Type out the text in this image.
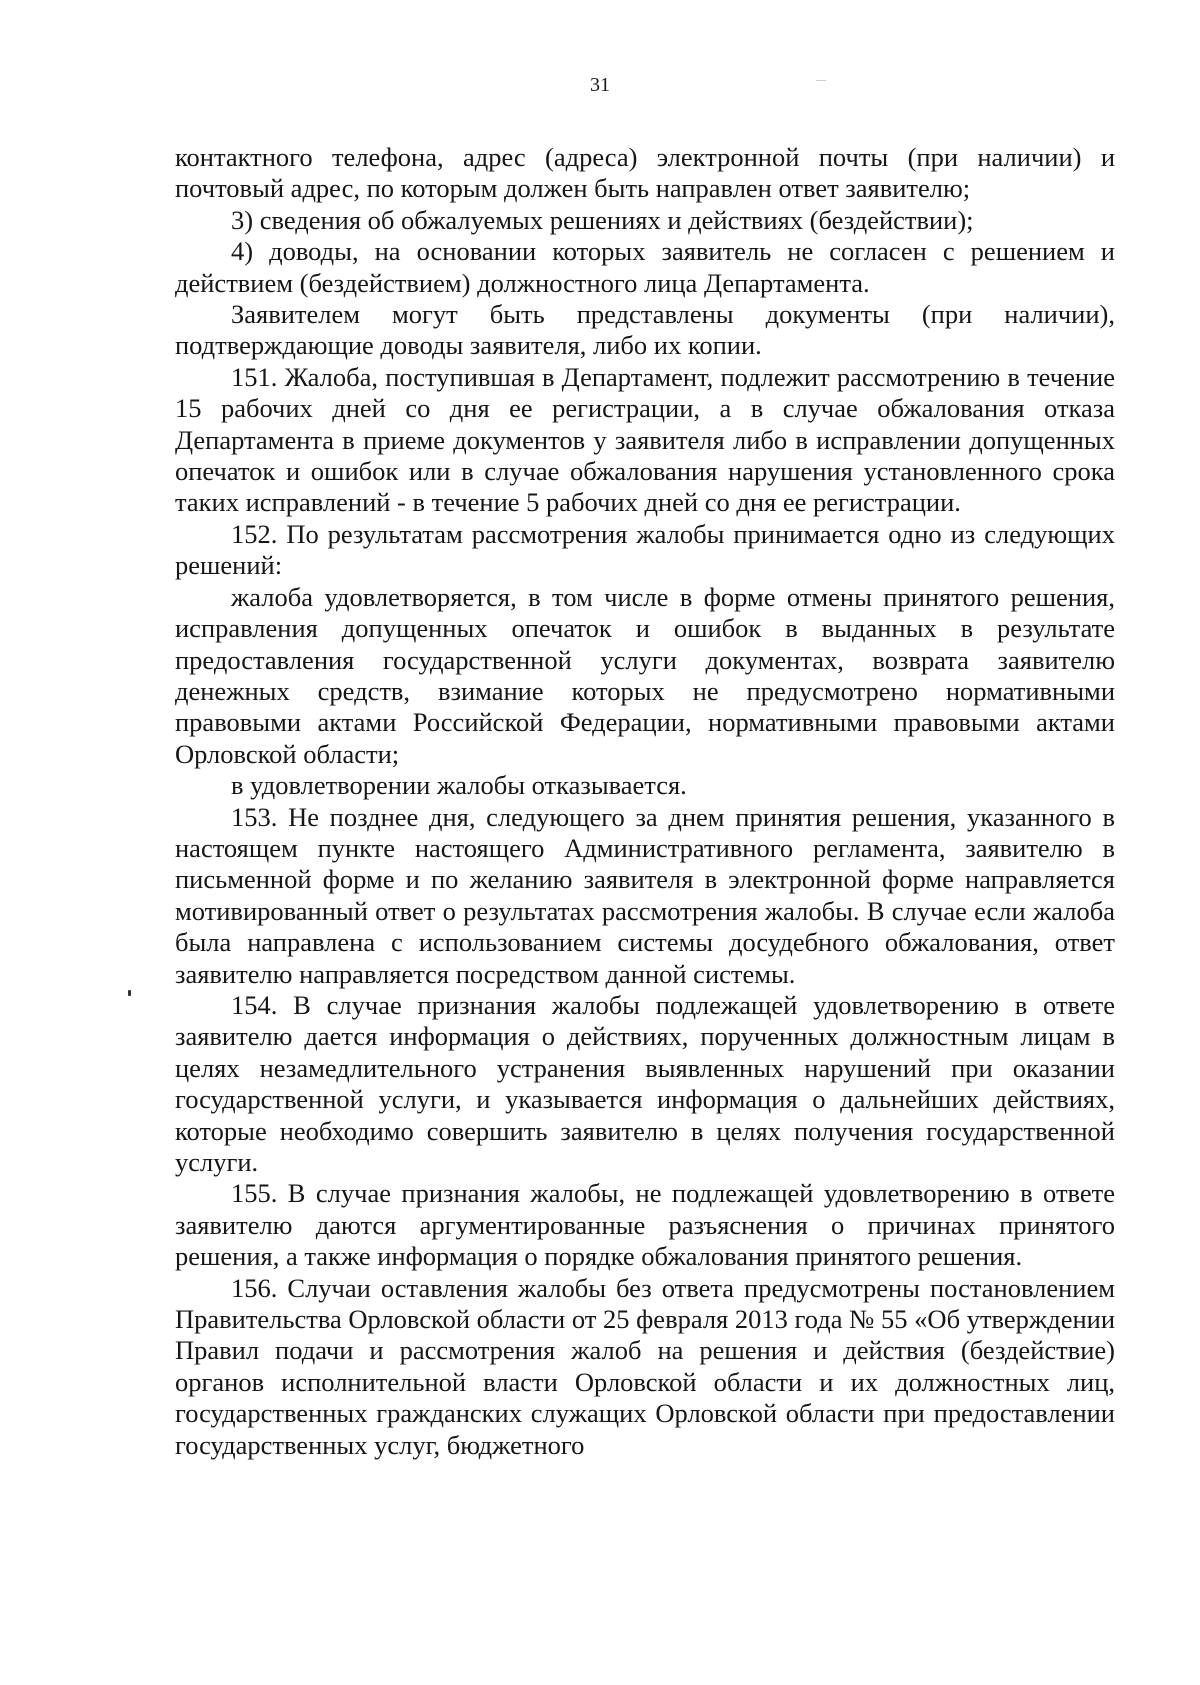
31

контактного телефона, адрес (адреса) электронной почты (при наличии) и почтовый адрес, по которым должен быть направлен ответ заявителю;

3) сведения об обжалуемых решениях и действиях (бездействии);

4) доводы, на основании которых заявитель не согласен с решением и действием (бездействием) должностного лица Департамента.

Заявителем могут быть представлены документы (при наличии), подтверждающие доводы заявителя, либо их копии.

151. Жалоба, поступившая в Департамент, подлежит рассмотрению в течение 15 рабочих дней со дня ее регистрации, а в случае обжалования отказа Департамента в приеме документов у заявителя либо в исправлении допущенных опечаток и ошибок или в случае обжалования нарушения установленного срока таких исправлений - в течение 5 рабочих дней со дня ее регистрации.

152. По результатам рассмотрения жалобы принимается одно из следующих решений:

жалоба удовлетворяется, в том числе в форме отмены принятого решения, исправления допущенных опечаток и ошибок в выданных в результате предоставления государственной услуги документах, возврата заявителю денежных средств, взимание которых не предусмотрено нормативными правовыми актами Российской Федерации, нормативными правовыми актами Орловской области;

в удовлетворении жалобы отказывается.

153. Не позднее дня, следующего за днем принятия решения, указанного в настоящем пункте настоящего Административного регламента, заявителю в письменной форме и по желанию заявителя в электронной форме направляется мотивированный ответ о результатах рассмотрения жалобы. В случае если жалоба была направлена с использованием системы досудебного обжалования, ответ заявителю направляется посредством данной системы.

154. В случае признания жалобы подлежащей удовлетворению в ответе заявителю дается информация о действиях, порученных должностным лицам в целях незамедлительного устранения выявленных нарушений при оказании государственной услуги, и указывается информация о дальнейших действиях, которые необходимо совершить заявителю в целях получения государственной услуги.

155. В случае признания жалобы, не подлежащей удовлетворению в ответе заявителю даются аргументированные разъяснения о причинах принятого решения, а также информация о порядке обжалования принятого решения.

156. Случаи оставления жалобы без ответа предусмотрены постановлением Правительства Орловской области от 25 февраля 2013 года № 55 «Об утверждении Правил подачи и рассмотрения жалоб на решения и действия (бездействие) органов исполнительной власти Орловской области и их должностных лиц, государственных гражданских служащих Орловской области при предоставлении государственных услуг, бюджетного
